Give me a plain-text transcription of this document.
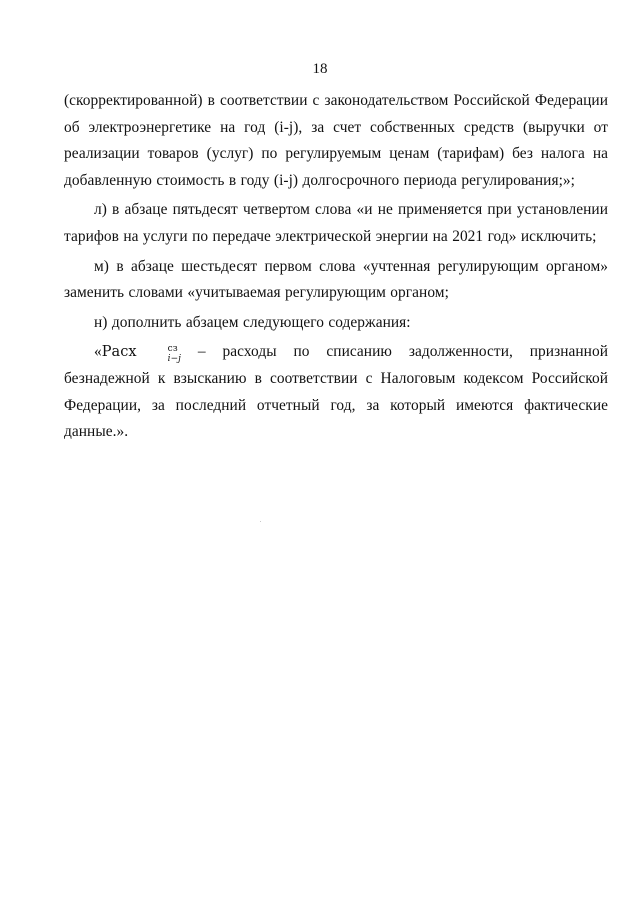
18

(скорректированной) в соответствии с законодательством Российской Федерации об электроэнергетике на год (i-j), за счет собственных средств (выручки от реализации товаров (услуг) по регулируемым ценам (тарифам) без налога на добавленную стоимость в году (i-j) долгосрочного периода регулирования;»;

л) в абзаце пятьдесят четвертом слова «и не применяется при установлении тарифов на услуги по передаче электрической энергии на 2021 год» исключить;

м) в абзаце шестьдесят первом слова «учтенная регулирующим органом» заменить словами «учитываемая регулирующим органом;

н) дополнить абзацем следующего содержания:

«Расх	сз
i−j – расходы по списанию задолженности, признанной безнадежной к взысканию в соответствии с Налоговым кодексом Российской Федерации, за последний отчетный год, за который имеются фактические данные.».
